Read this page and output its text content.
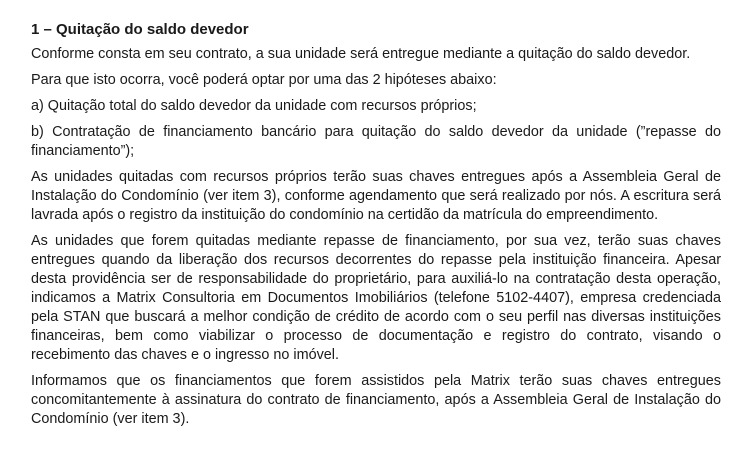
1 – Quitação do saldo devedor

Conforme consta em seu contrato, a sua unidade será entregue mediante a quitação do saldo devedor.

Para que isto ocorra, você poderá optar por uma das 2 hipóteses abaixo:

a) Quitação total do saldo devedor da unidade com recursos próprios;

b) Contratação de financiamento bancário para quitação do saldo devedor da unidade (”repasse do financiamento”);

As unidades quitadas com recursos próprios terão suas chaves entregues após a Assembleia Geral de Instalação do Condomínio (ver item 3), conforme agendamento que será realizado por nós. A escritura será lavrada após o registro da instituição do condomínio na certidão da matrícula do empreendimento.

As unidades que forem quitadas mediante repasse de financiamento, por sua vez, terão suas chaves entregues quando da liberação dos recursos decorrentes do repasse pela instituição financeira. Apesar desta providência ser de responsabilidade do proprietário, para auxiliá-lo na contratação desta operação, indicamos a Matrix Consultoria em Documentos Imobiliários (telefone 5102-4407), empresa credenciada pela STAN que buscará a melhor condição de crédito de acordo com o seu perfil nas diversas instituições financeiras, bem como viabilizar o processo de documentação e registro do contrato, visando o recebimento das chaves e o ingresso no imóvel.

Informamos que os financiamentos que forem assistidos pela Matrix terão suas chaves entregues concomitantemente à assinatura do contrato de financiamento, após a Assembleia Geral de Instalação do Condomínio (ver item 3).
